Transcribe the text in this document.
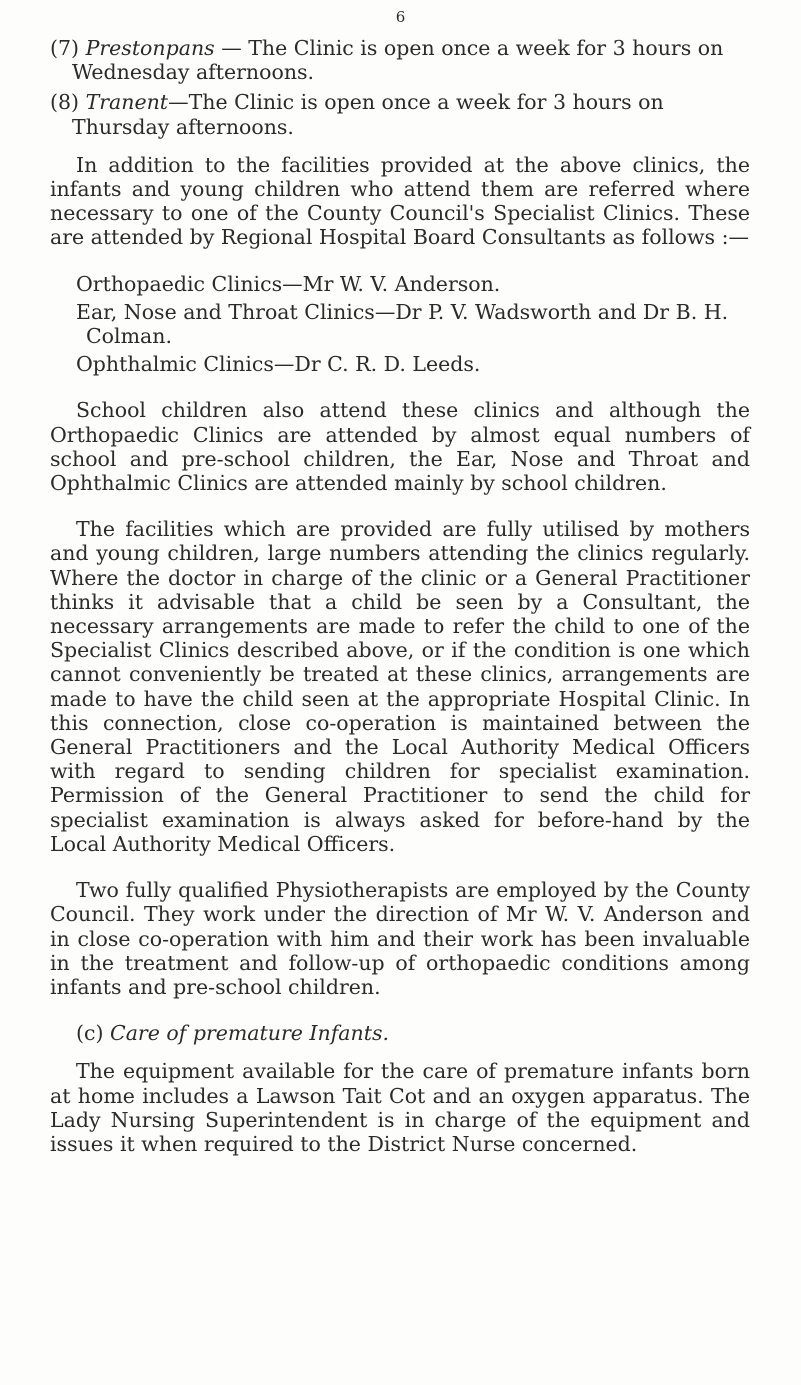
6

(7) Prestonpans — The Clinic is open once a week for 3 hours on Wednesday afternoons.

(8) Tranent—The Clinic is open once a week for 3 hours on Thursday afternoons.

In addition to the facilities provided at the above clinics, the infants and young children who attend them are referred where necessary to one of the County Council's Specialist Clinics. These are attended by Regional Hospital Board Consultants as follows :—

Orthopaedic Clinics—Mr W. V. Anderson.

Ear, Nose and Throat Clinics—Dr P. V. Wadsworth and Dr B. H. Colman.

Ophthalmic Clinics—Dr C. R. D. Leeds.

School children also attend these clinics and although the Orthopaedic Clinics are attended by almost equal numbers of school and pre-school children, the Ear, Nose and Throat and Ophthalmic Clinics are attended mainly by school children.

The facilities which are provided are fully utilised by mothers and young children, large numbers attending the clinics regularly. Where the doctor in charge of the clinic or a General Practitioner thinks it advisable that a child be seen by a Consultant, the necessary arrangements are made to refer the child to one of the Specialist Clinics described above, or if the condition is one which cannot conveniently be treated at these clinics, arrangements are made to have the child seen at the appropriate Hospital Clinic. In this connection, close co-operation is maintained between the General Practitioners and the Local Authority Medical Officers with regard to sending children for specialist examination. Permission of the General Practitioner to send the child for specialist examination is always asked for before-hand by the Local Authority Medical Officers.

Two fully qualified Physiotherapists are employed by the County Council. They work under the direction of Mr W. V. Anderson and in close co-operation with him and their work has been invaluable in the treatment and follow-up of orthopaedic conditions among infants and pre-school children.

(c) Care of premature Infants.

The equipment available for the care of premature infants born at home includes a Lawson Tait Cot and an oxygen apparatus. The Lady Nursing Superintendent is in charge of the equipment and issues it when required to the District Nurse concerned.
